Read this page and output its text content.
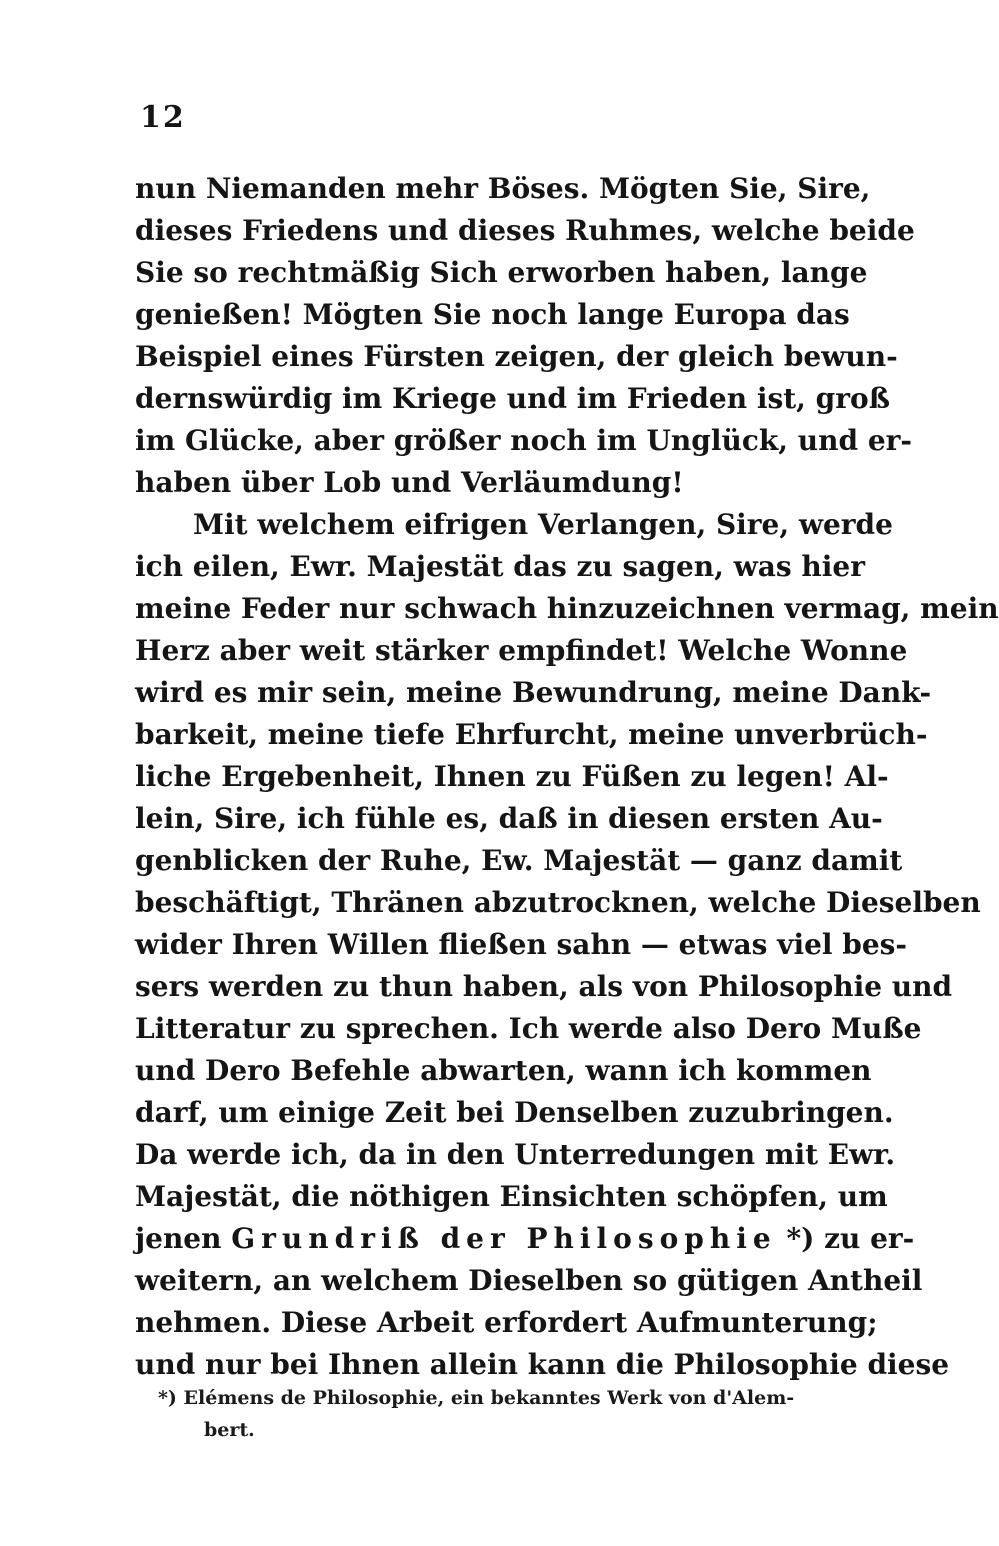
12
nun Niemanden mehr Böses. Mögten Sie, Sire,
dieses Friedens und dieses Ruhmes, welche beide
Sie so rechtmäßig Sich erworben haben, lange
genießen! Mögten Sie noch lange Europa das
Beispiel eines Fürsten zeigen, der gleich bewun-
dernswürdig im Kriege und im Frieden ist, groß
im Glücke, aber größer noch im Unglück, und er-
haben über Lob und Verläumdung!
Mit welchem eifrigen Verlangen, Sire, werde
ich eilen, Ewr. Majestät das zu sagen, was hier
meine Feder nur schwach hinzuzeichnen vermag, mein
Herz aber weit stärker empfindet! Welche Wonne
wird es mir sein, meine Bewundrung, meine Dank-
barkeit, meine tiefe Ehrfurcht, meine unverbrüch-
liche Ergebenheit, Ihnen zu Füßen zu legen! Al-
lein, Sire, ich fühle es, daß in diesen ersten Au-
genblicken der Ruhe, Ew. Majestät — ganz damit
beschäftigt, Thränen abzutrocknen, welche Dieselben
wider Ihren Willen fließen sahn — etwas viel bes-
sers werden zu thun haben, als von Philosophie und
Litteratur zu sprechen. Ich werde also Dero Muße
und Dero Befehle abwarten, wann ich kommen
darf, um einige Zeit bei Denselben zuzubringen.
Da werde ich, da in den Unterredungen mit Ewr.
Majestät, die nöthigen Einsichten schöpfen, um
jenen Grundriß der Philosophie *) zu er-
weitern, an welchem Dieselben so gütigen Antheil
nehmen. Diese Arbeit erfordert Aufmunterung;
und nur bei Ihnen allein kann die Philosophie diese
*) Elémens de Philosophie, ein bekanntes Werk von d'Alem-
bert.
